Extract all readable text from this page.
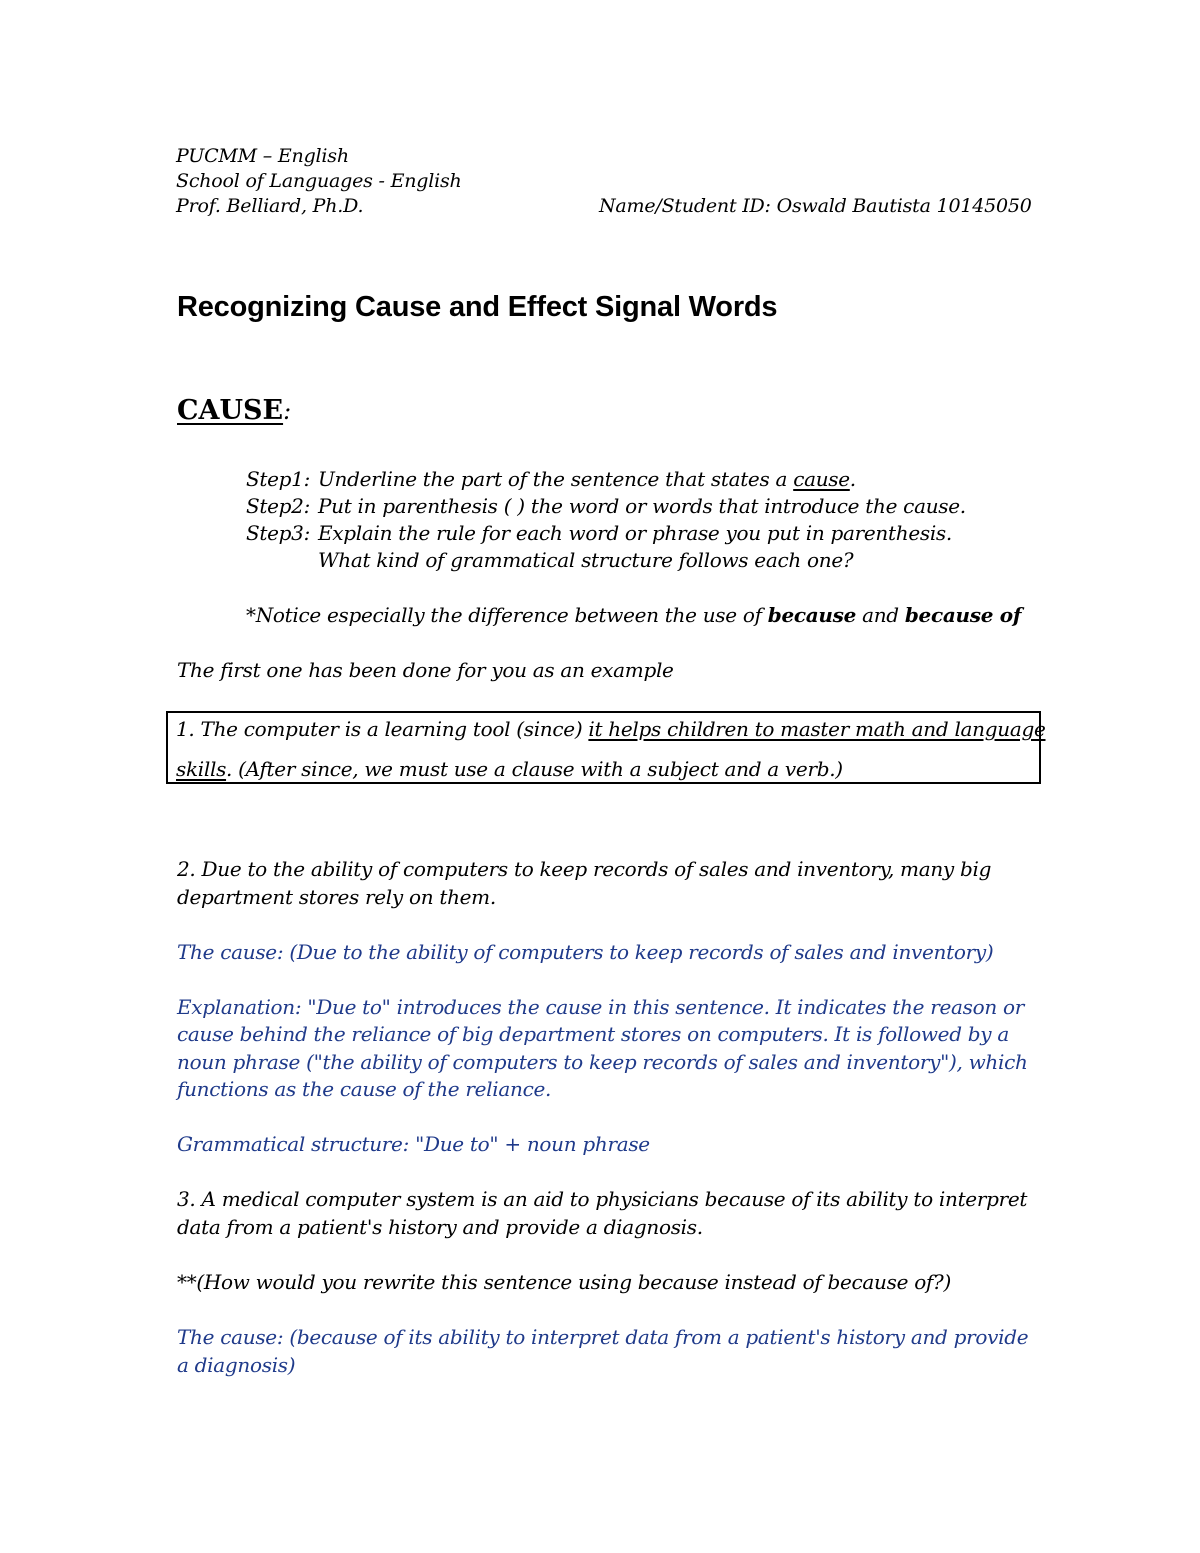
PUCMM – English
School of Languages - English
Prof. Belliard, Ph.D.	Name/Student ID: Oswald Bautista 10145050
Recognizing Cause and Effect Signal Words
CAUSE:
Step1: Underline the part of the sentence that states a cause.
Step2: Put in parenthesis ( ) the word or words that introduce the cause.
Step3: Explain the rule for each word or phrase you put in parenthesis.
What kind of grammatical structure follows each one?
*Notice especially the difference between the use of because and because of
The first one has been done for you as an example
1. The computer is a learning tool (since) it helps children to master math and language
skills. (After since, we must use a clause with a subject and a verb.)
2. Due to the ability of computers to keep records of sales and inventory, many big
department stores rely on them.
The cause: (Due to the ability of computers to keep records of sales and inventory)
Explanation: "Due to" introduces the cause in this sentence. It indicates the reason or
cause behind the reliance of big department stores on computers. It is followed by a
noun phrase ("the ability of computers to keep records of sales and inventory"), which
functions as the cause of the reliance.
Grammatical structure: "Due to" + noun phrase
3. A medical computer system is an aid to physicians because of its ability to interpret
data from a patient's history and provide a diagnosis.
**(How would you rewrite this sentence using because instead of because of?)
The cause: (because of its ability to interpret data from a patient's history and provide
a diagnosis)
